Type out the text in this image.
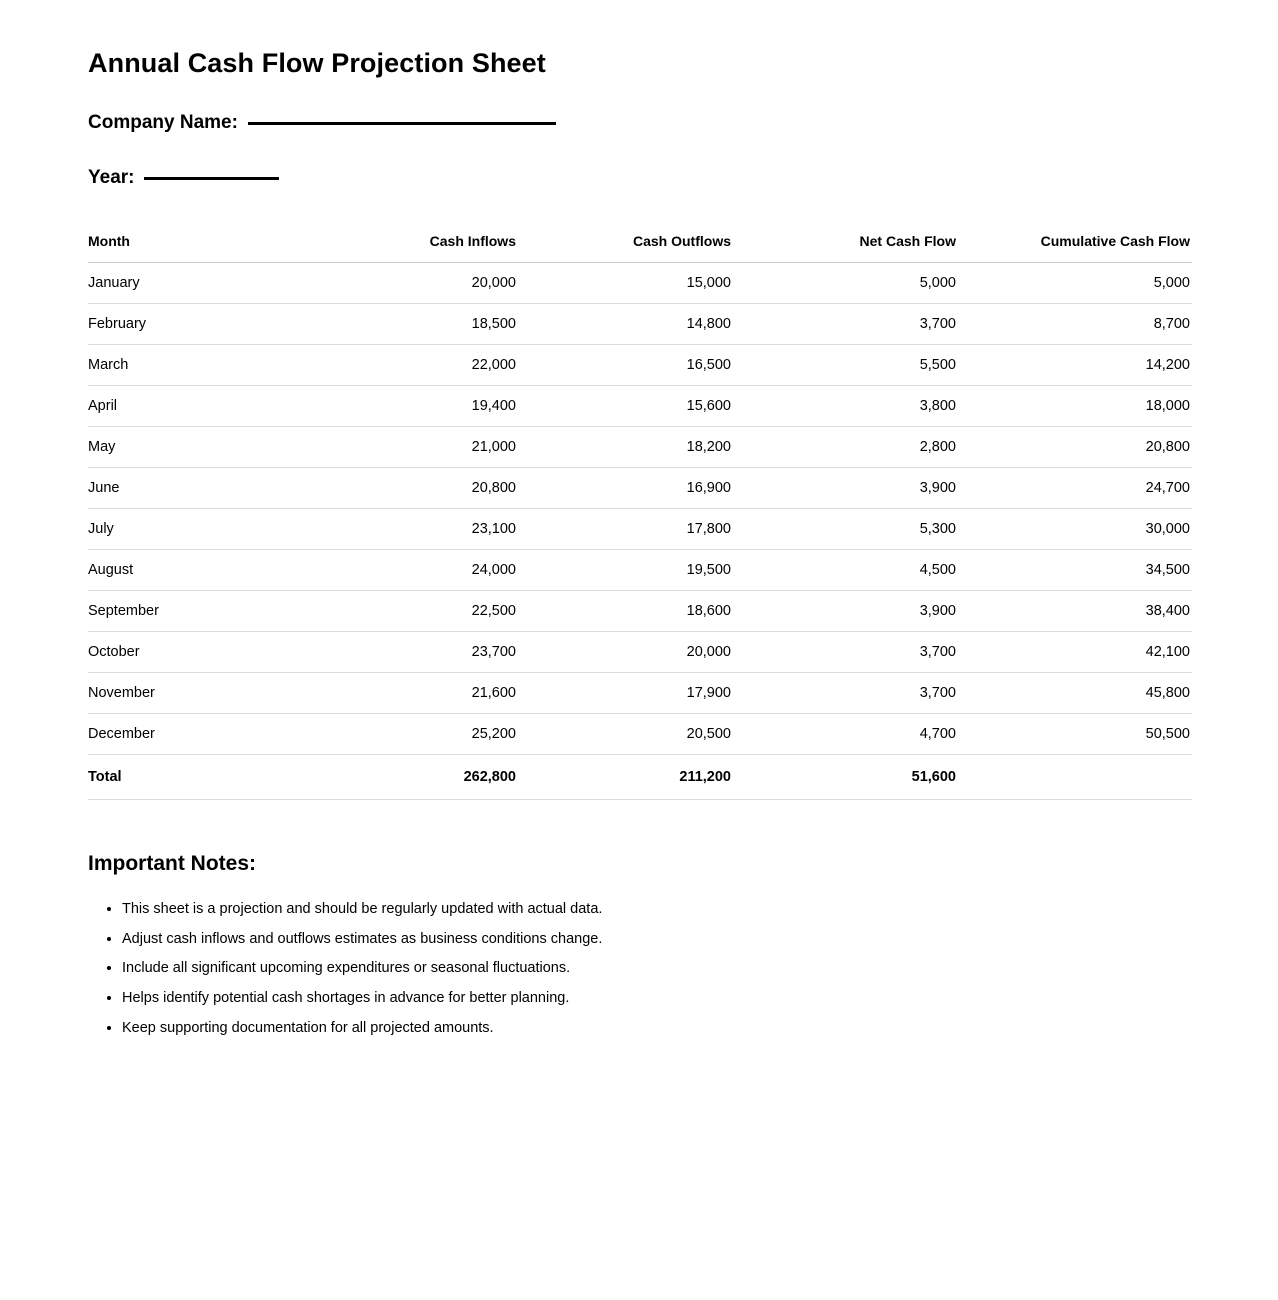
Annual Cash Flow Projection Sheet
Company Name:
Year:
Month	Cash Inflows	Cash Outflows	Net Cash Flow	Cumulative Cash Flow
January	20,000	15,000	5,000	5,000
February	18,500	14,800	3,700	8,700
March	22,000	16,500	5,500	14,200
April	19,400	15,600	3,800	18,000
May	21,000	18,200	2,800	20,800
June	20,800	16,900	3,900	24,700
July	23,100	17,800	5,300	30,000
August	24,000	19,500	4,500	34,500
September	22,500	18,600	3,900	38,400
October	23,700	20,000	3,700	42,100
November	21,600	17,900	3,700	45,800
December	25,200	20,500	4,700	50,500
Total	262,800	211,200	51,600	
Important Notes:
• This sheet is a projection and should be regularly updated with actual data.
• Adjust cash inflows and outflows estimates as business conditions change.
• Include all significant upcoming expenditures or seasonal fluctuations.
• Helps identify potential cash shortages in advance for better planning.
• Keep supporting documentation for all projected amounts.
